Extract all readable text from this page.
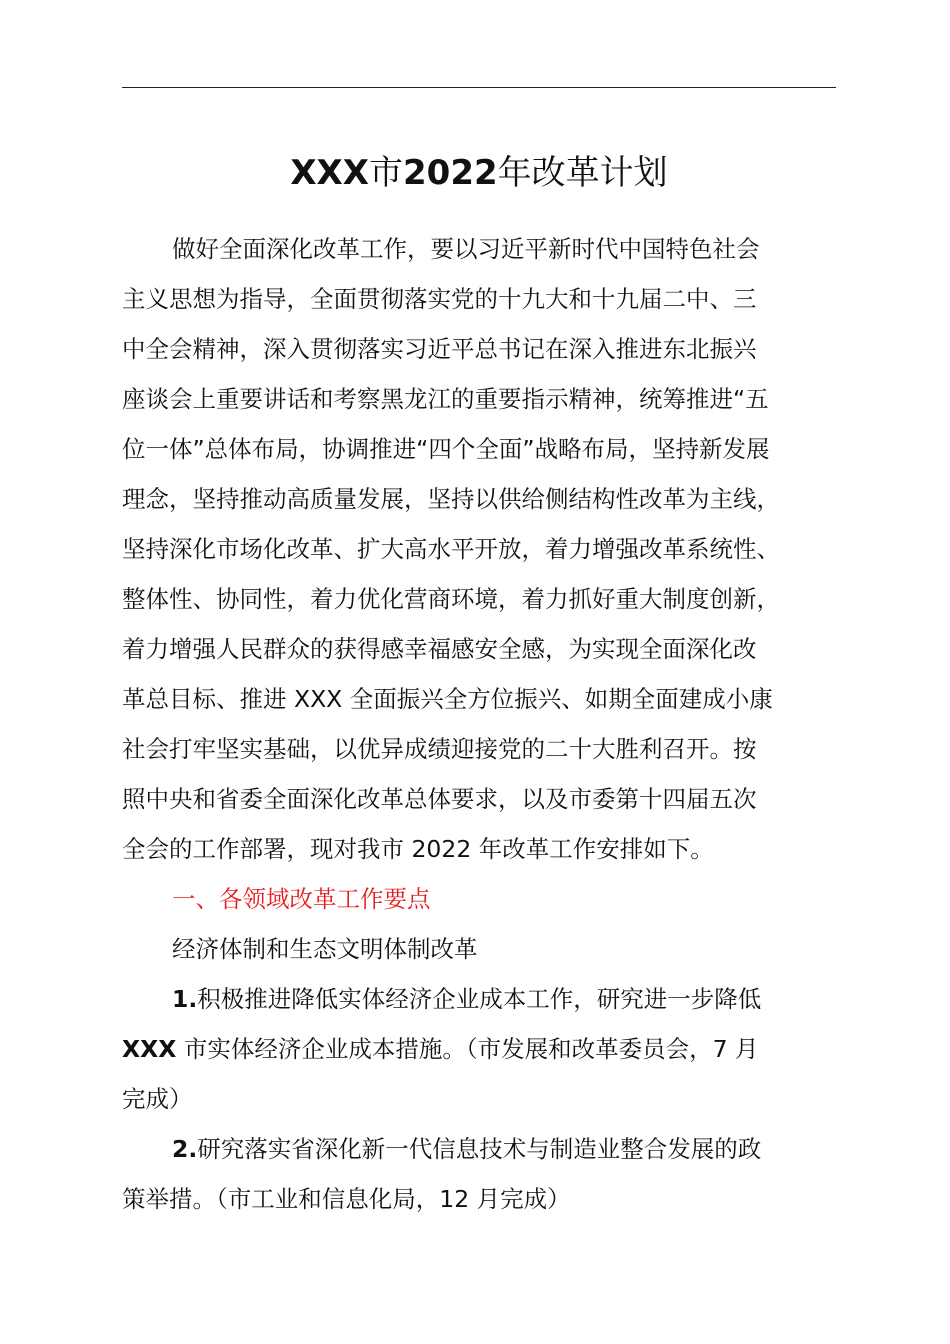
XXX市2022年改革计划
做好全面深化改革工作，要以习近平新时代中国特色社会
主义思想为指导，全面贯彻落实党的十九大和十九届二中、三
中全会精神，深入贯彻落实习近平总书记在深入推进东北振兴
座谈会上重要讲话和考察黑龙江的重要指示精神，统筹推进“五
位一体”总体布局，协调推进“四个全面”战略布局，坚持新发展
理念，坚持推动高质量发展，坚持以供给侧结构性改革为主线，
坚持深化市场化改革、扩大高水平开放，着力增强改革系统性、
整体性、协同性，着力优化营商环境，着力抓好重大制度创新，
着力增强人民群众的获得感幸福感安全感，为实现全面深化改
革总目标、推进 XXX 全面振兴全方位振兴、如期全面建成小康
社会打牢坚实基础，以优异成绩迎接党的二十大胜利召开。按
照中央和省委全面深化改革总体要求，以及市委第十四届五次
全会的工作部署，现对我市 2022 年改革工作安排如下。
一、各领域改革工作要点
经济体制和生态文明体制改革
1.积极推进降低实体经济企业成本工作，研究进一步降低
XXX 市实体经济企业成本措施。（市发展和改革委员会，7 月
完成）
2.研究落实省深化新一代信息技术与制造业整合发展的政
策举措。（市工业和信息化局，12 月完成）
